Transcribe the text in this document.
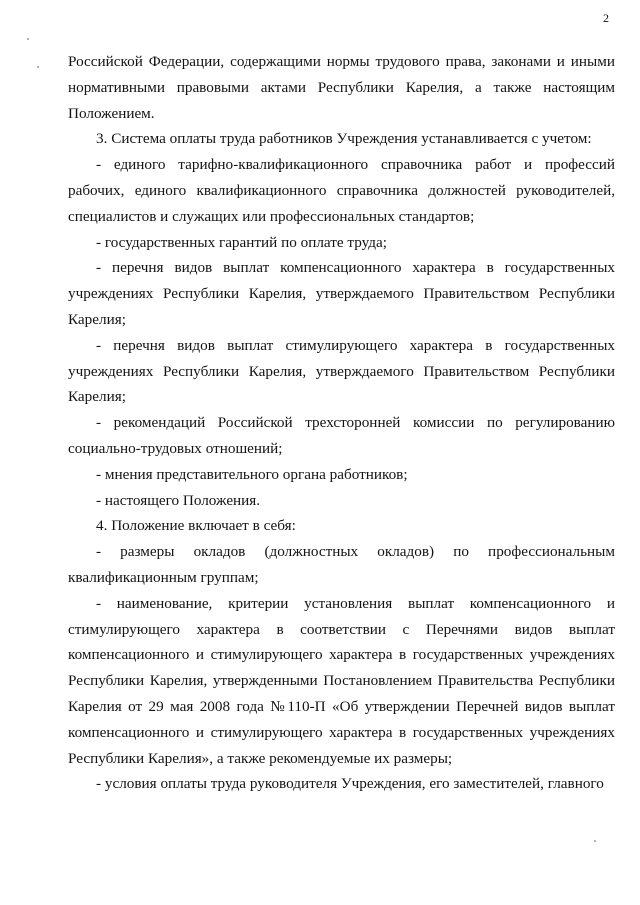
2

Российской Федерации, содержащими нормы трудового права, законами и иными нормативными правовыми актами Республики Карелия, а также настоящим Положением.

3. Система оплаты труда работников Учреждения устанавливается с учетом:

- единого тарифно-квалификационного справочника работ и профессий рабочих, единого квалификационного справочника должностей руководителей, специалистов и служащих или профессиональных стандартов;

- государственных гарантий по оплате труда;

- перечня видов выплат компенсационного характера в государственных учреждениях Республики Карелия, утверждаемого Правительством Республики Карелия;

- перечня видов выплат стимулирующего характера в государственных учреждениях Республики Карелия, утверждаемого Правительством Республики Карелия;

- рекомендаций Российской трехсторонней комиссии по регулированию социально-трудовых отношений;

- мнения представительного органа работников;

- настоящего Положения.

4. Положение включает в себя:

- размеры окладов (должностных окладов) по профессиональным квалификационным группам;

- наименование, критерии установления выплат компенсационного и стимулирующего характера в соответствии с Перечнями видов выплат компенсационного и стимулирующего характера в государственных учреждениях Республики Карелия, утвержденными Постановлением Правительства Республики Карелия от 29 мая 2008 года №110-П «Об утверждении Перечней видов выплат компенсационного и стимулирующего характера в государственных учреждениях Республики Карелия», а также рекомендуемые их размеры;

- условия оплаты труда руководителя Учреждения, его заместителей, главного
